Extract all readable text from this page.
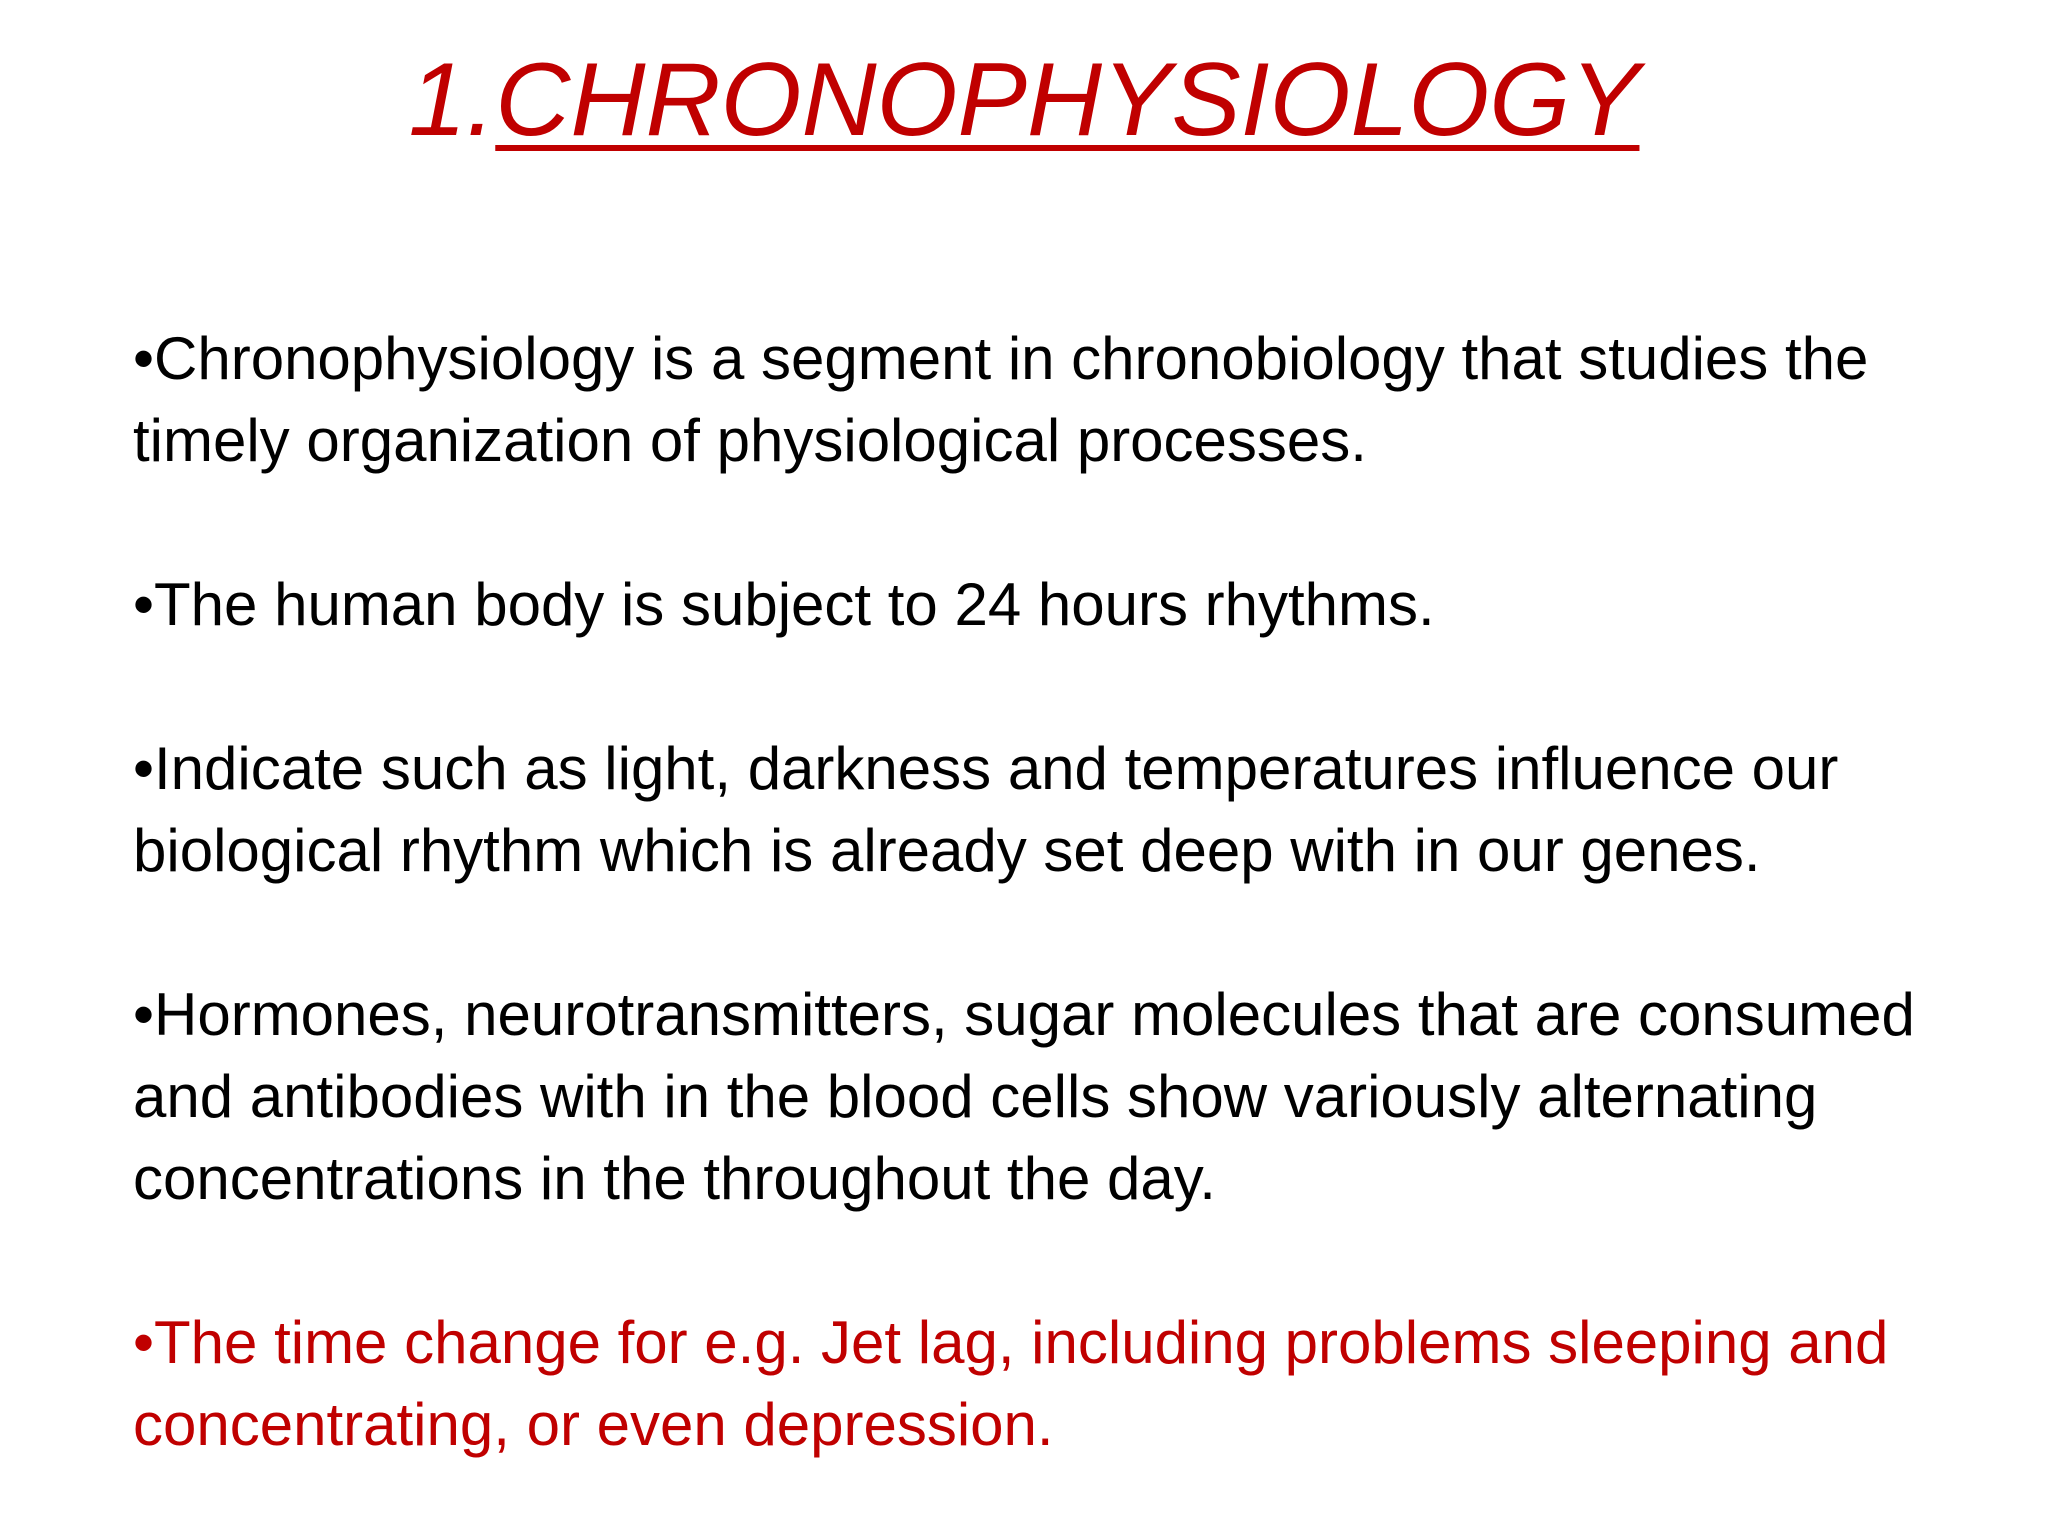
1.CHRONOPHYSIOLOGY

•Chronophysiology is a segment in chronobiology that studies the timely organization of physiological processes.

•The human body is subject to 24 hours rhythms.

•Indicate such as light, darkness and temperatures influence our biological rhythm which is already set deep with in our genes.

•Hormones, neurotransmitters, sugar molecules that are consumed and antibodies with in the blood cells show variously alternating concentrations in the throughout the day.

•The time change for e.g. Jet lag, including problems sleeping and concentrating, or even depression.
